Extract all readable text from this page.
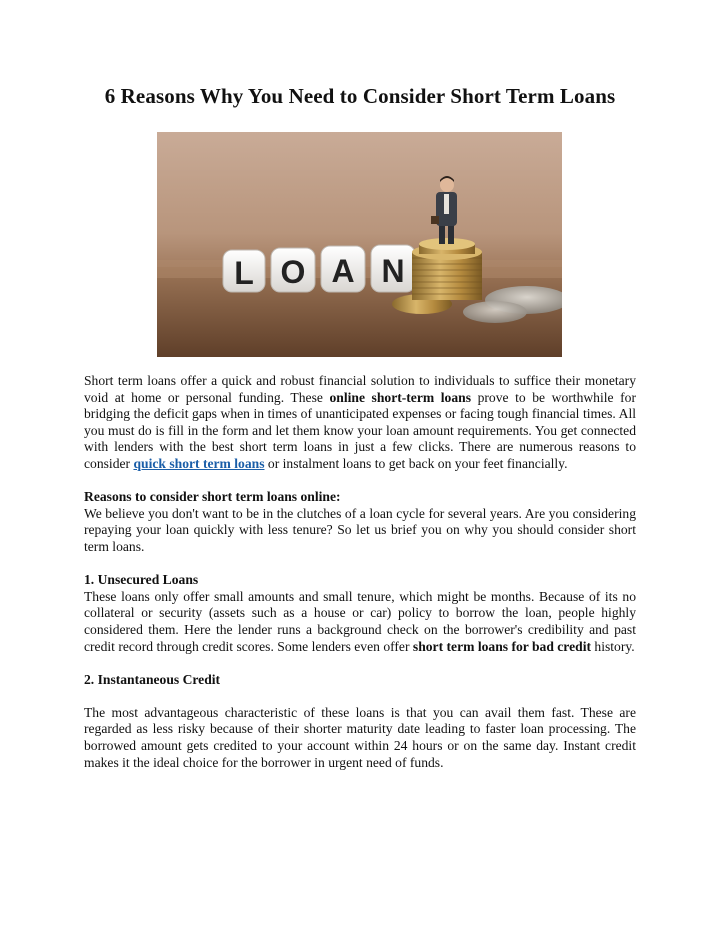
6 Reasons Why You Need to Consider Short Term Loans
L O A N

Short term loans offer a quick and robust financial solution to individuals to suffice their monetary void at home or personal funding. These online short-term loans prove to be worthwhile for bridging the deficit gaps when in times of unanticipated expenses or facing tough financial times. All you must do is fill in the form and let them know your loan amount requirements. You get connected with lenders with the best short term loans in just a few clicks. There are numerous reasons to consider quick short term loans or instalment loans to get back on your feet financially.

Reasons to consider short term loans online:

We believe you don't want to be in the clutches of a loan cycle for several years. Are you considering repaying your loan quickly with less tenure? So let us brief you on why you should consider short term loans.

1. Unsecured Loans

These loans only offer small amounts and small tenure, which might be months. Because of its no collateral or security (assets such as a house or car) policy to borrow the loan, people highly considered them. Here the lender runs a background check on the borrower's credibility and past credit record through credit scores. Some lenders even offer short term loans for bad credit history.

2. Instantaneous Credit

The most advantageous characteristic of these loans is that you can avail them fast. These are regarded as less risky because of their shorter maturity date leading to faster loan processing. The borrowed amount gets credited to your account within 24 hours or on the same day. Instant credit makes it the ideal choice for the borrower in urgent need of funds.
